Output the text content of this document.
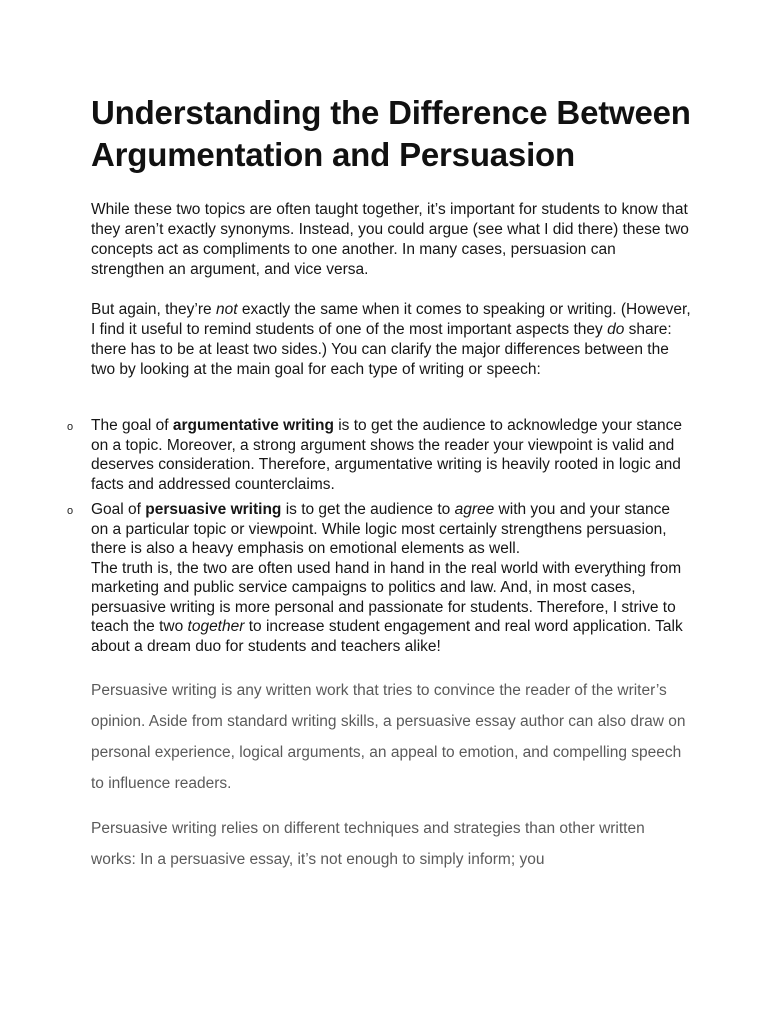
Understanding the Difference Between Argumentation and Persuasion

While these two topics are often taught together, it’s important for students to know that they aren’t exactly synonyms. Instead, you could argue (see what I did there) these two concepts act as compliments to one another. In many cases, persuasion can strengthen an argument, and vice versa.

But again, they’re not exactly the same when it comes to speaking or writing. (However, I find it useful to remind students of one of the most important aspects they do share: there has to be at least two sides.) You can clarify the major differences between the two by looking at the main goal for each type of writing or speech:

o The goal of argumentative writing is to get the audience to acknowledge your stance on a topic. Moreover, a strong argument shows the reader your viewpoint is valid and deserves consideration. Therefore, argumentative writing is heavily rooted in logic and facts and addressed counterclaims.
o Goal of persuasive writing is to get the audience to agree with you and your stance on a particular topic or viewpoint. While logic most certainly strengthens persuasion, there is also a heavy emphasis on emotional elements as well.
The truth is, the two are often used hand in hand in the real world with everything from marketing and public service campaigns to politics and law. And, in most cases, persuasive writing is more personal and passionate for students. Therefore, I strive to teach the two together to increase student engagement and real word application. Talk about a dream duo for students and teachers alike!

Persuasive writing is any written work that tries to convince the reader of the writer’s opinion. Aside from standard writing skills, a persuasive essay author can also draw on personal experience, logical arguments, an appeal to emotion, and compelling speech to influence readers.

Persuasive writing relies on different techniques and strategies than other written works: In a persuasive essay, it’s not enough to simply inform; you
